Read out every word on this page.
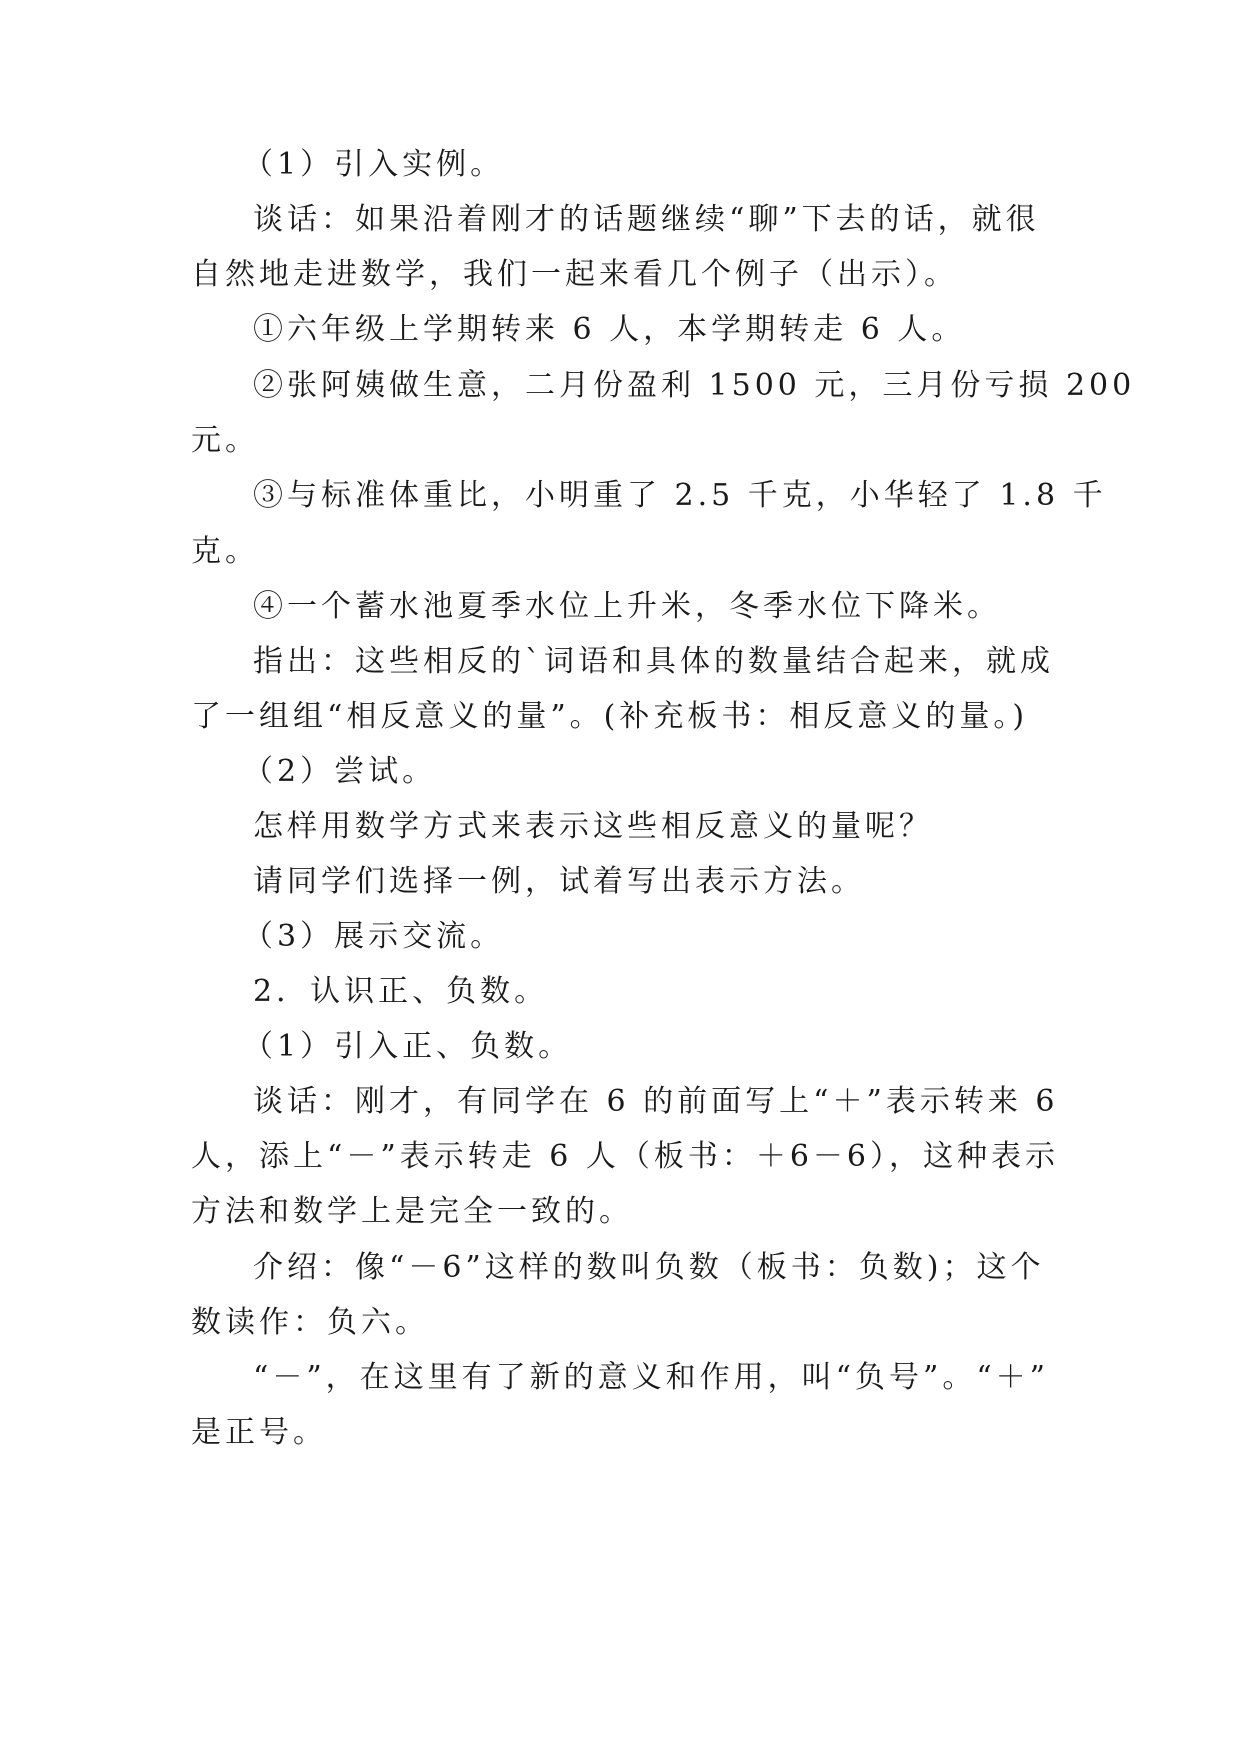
（1）引入实例。

谈话：如果沿着刚才的话题继续“聊”下去的话，就很

自然地走进数学，我们一起来看几个例子（出示）。

①六年级上学期转来 6 人，本学期转走 6 人。

②张阿姨做生意，二月份盈利 1500 元，三月份亏损 200

元。

③与标准体重比，小明重了 2.5 千克，小华轻了 1.8 千

克。

④一个蓄水池夏季水位上升米，冬季水位下降米。

指出：这些相反的`词语和具体的数量结合起来，就成

了一组组“相反意义的量”。(补充板书：相反意义的量。)

（2）尝试。

怎样用数学方式来表示这些相反意义的量呢？

请同学们选择一例，试着写出表示方法。

（3）展示交流。

2．认识正、负数。

（1）引入正、负数。

谈话：刚才，有同学在 6 的前面写上“＋”表示转来 6

人，添上“－”表示转走 6 人（板书：＋6－6），这种表示

方法和数学上是完全一致的。

介绍：像“－6”这样的数叫负数（板书：负数)；这个

数读作：负六。

“－”，在这里有了新的意义和作用，叫“负号”。“＋”

是正号。
